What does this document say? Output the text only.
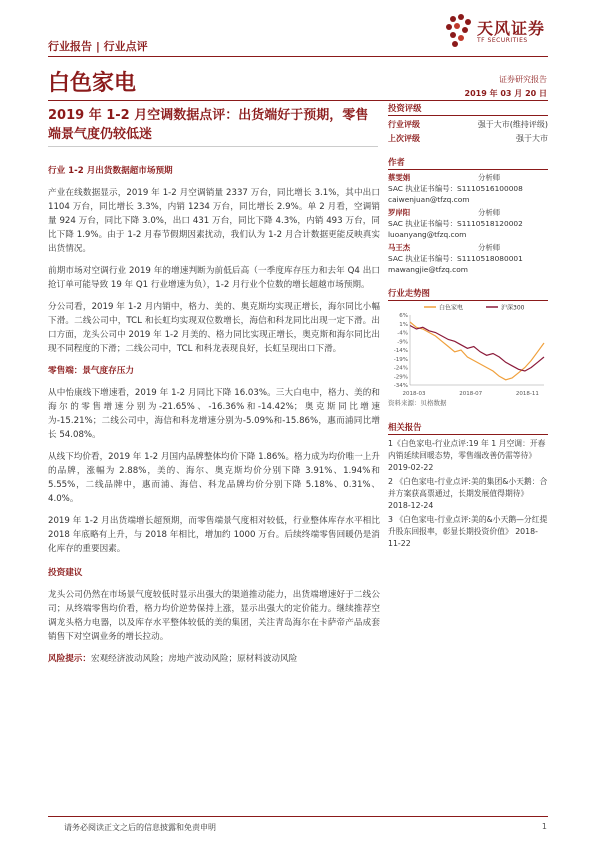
行业报告 | 行业点评
天风证券
TF SECURITIES
白色家电	证券研究报告
2019 年 03 月 20 日
2019 年 1-2 月空调数据点评：出货端好于预期，零售端景气度仍较低迷
行业 1-2 月出货数据超市场预期

产业在线数据显示，2019 年 1-2 月空调销量 2337 万台，同比增长 3.1%，其中出口 1104 万台，同比增长 3.3%，内销 1234 万台，同比增长 2.9%。单 2 月看，空调销量 924 万台，同比下降 3.0%，出口 431 万台，同比下降 4.3%，内销 493 万台，同比下降 1.9%。由于 1-2 月春节假期因素扰动，我们认为 1-2 月合计数据更能反映真实出货情况。

前期市场对空调行业 2019 年的增速判断为前低后高（一季度库存压力和去年 Q4 出口抢订单可能导致 19 年 Q1 行业增速为负），1-2 月行业个位数的增长超越市场预期。

分公司看，2019 年 1-2 月内销中，格力、美的、奥克斯均实现正增长，海尔同比小幅下滑。二线公司中，TCL 和长虹均实现双位数增长，海信和科龙同比出现一定下滑。出口方面，龙头公司中 2019 年 1-2 月美的、格力同比实现正增长，奥克斯和海尔同比出现不同程度的下滑；二线公司中，TCL 和科龙表现良好，长虹呈现出口下滑。

零售端：景气度存压力

从中怡康线下增速看，2019 年 1-2 月同比下降 16.03%。三大白电中，格力、美的和海尔的零售增速分别为-21.65%、-16.36%和-14.42%；奥克斯同比增速为-15.21%；二线公司中，海信和科龙增速分别为-5.09%和-15.86%，惠而浦同比增长 54.08%。

从线下均价看，2019 年 1-2 月国内品牌整体均价下降 1.86%。格力成为均价唯一上升的品牌，涨幅为 2.88%，美的、海尔、奥克斯均价分别下降 3.91%、1.94%和 5.55%，二线品牌中，惠而浦、海信、科龙品牌均价分别下降 5.18%、0.31%、4.0%。

2019 年 1-2 月出货端增长超预期，而零售端景气度相对较低，行业整体库存水平相比 2018 年底略有上升，与 2018 年相比，增加约 1000 万台。后续终端零售回暖仍是消化库存的重要因素。

投资建议

龙头公司仍然在市场景气度较低时显示出强大的渠道推动能力，出货端增速好于二线公司；从终端零售均价看，格力均价逆势保持上涨，显示出强大的定价能力。继续推荐空调龙头格力电器，以及库存水平整体较低的美的集团，关注青岛海尔在卡萨帝产品成套销售下对空调业务的增长拉动。

风险提示：宏观经济波动风险；房地产波动风险；原材料波动风险

投资评级
行业评级	强于大市(维持评级)
上次评级	强于大市
作者
蔡雯娟	分析师
SAC 执业证书编号：S1110516100008
caiwenjuan@tfzq.com
罗岸阳	分析师
SAC 执业证书编号：S1110518120002
luoanyang@tfzq.com
马王杰	分析师
SAC 执业证书编号：S1110518080001
mawangjie@tfzq.com
行业走势图
白色家电	沪深300
6%
1%
-4%
-9%
-14%
-19%
-24%
-29%
-34%
2018-03	2018-07	2018-11
资料来源：贝格数据
相关报告
1《白色家电-行业点评:19 年 1 月空调：开春内销延续回暖态势，零售端改善仍需等待》 2019-02-22
2 《白色家电-行业点评:美的集团&小天鹅：合并方案获高票通过，长期发展值得期待》 2018-12-24
3 《白色家电-行业点评:美的&小天鹅—分红提升股东回报率，彰显长期投资价值》 2018-11-22
请务必阅读正文之后的信息披露和免责申明	1
